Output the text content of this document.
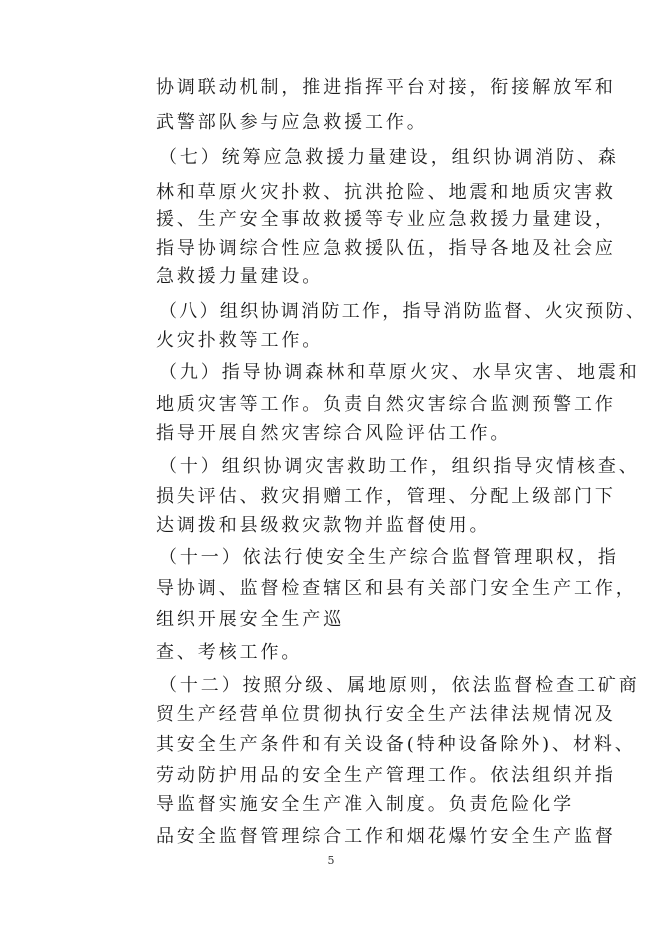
协调联动机制，推进指挥平台对接，衔接解放军和
武警部队参与应急救援工作。
（七）统筹应急救援力量建设，组织协调消防、森
林和草原火灾扑救、抗洪抢险、地震和地质灾害救
援、生产安全事故救援等专业应急救援力量建设，
指导协调综合性应急救援队伍，指导各地及社会应
急救援力量建设。
（八）组织协调消防工作，指导消防监督、火灾预防、
火灾扑救等工作。
（九）指导协调森林和草原火灾、水旱灾害、地震和
地质灾害等工作。负责自然灾害综合监测预警工作
指导开展自然灾害综合风险评估工作。
（十）组织协调灾害救助工作，组织指导灾情核查、
损失评估、救灾捐赠工作，管理、分配上级部门下
达调拨和县级救灾款物并监督使用。
（十一）依法行使安全生产综合监督管理职权，指
导协调、监督检查辖区和县有关部门安全生产工作，
组织开展安全生产巡
查、考核工作。
（十二）按照分级、属地原则，依法监督检查工矿商
贸生产经营单位贯彻执行安全生产法律法规情况及
其安全生产条件和有关设备(特种设备除外)、材料、
劳动防护用品的安全生产管理工作。依法组织并指
导监督实施安全生产准入制度。负责危险化学
品安全监督管理综合工作和烟花爆竹安全生产监督
5
